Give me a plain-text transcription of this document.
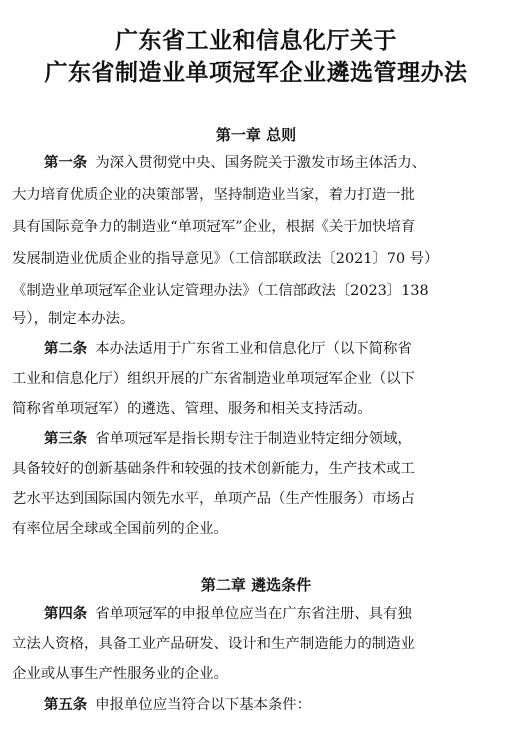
广东省工业和信息化厅关于
广东省制造业单项冠军企业遴选管理办法
第一章 总则
第一条 为深入贯彻党中央、国务院关于激发市场主体活力、
大力培育优质企业的决策部署，坚持制造业当家，着力打造一批
具有国际竞争力的制造业“单项冠军”企业，根据《关于加快培育
发展制造业优质企业的指导意见》（工信部联政法〔2021〕70 号）
《制造业单项冠军企业认定管理办法》（工信部政法〔2023〕138
号），制定本办法。
第二条 本办法适用于广东省工业和信息化厅（以下简称省
工业和信息化厅）组织开展的广东省制造业单项冠军企业（以下
简称省单项冠军）的遴选、管理、服务和相关支持活动。
第三条 省单项冠军是指长期专注于制造业特定细分领域，
具备较好的创新基础条件和较强的技术创新能力，生产技术或工
艺水平达到国际国内领先水平，单项产品（生产性服务）市场占
有率位居全球或全国前列的企业。
第二章 遴选条件
第四条 省单项冠军的申报单位应当在广东省注册、具有独
立法人资格，具备工业产品研发、设计和生产制造能力的制造业
企业或从事生产性服务业的企业。
第五条 申报单位应当符合以下基本条件：
